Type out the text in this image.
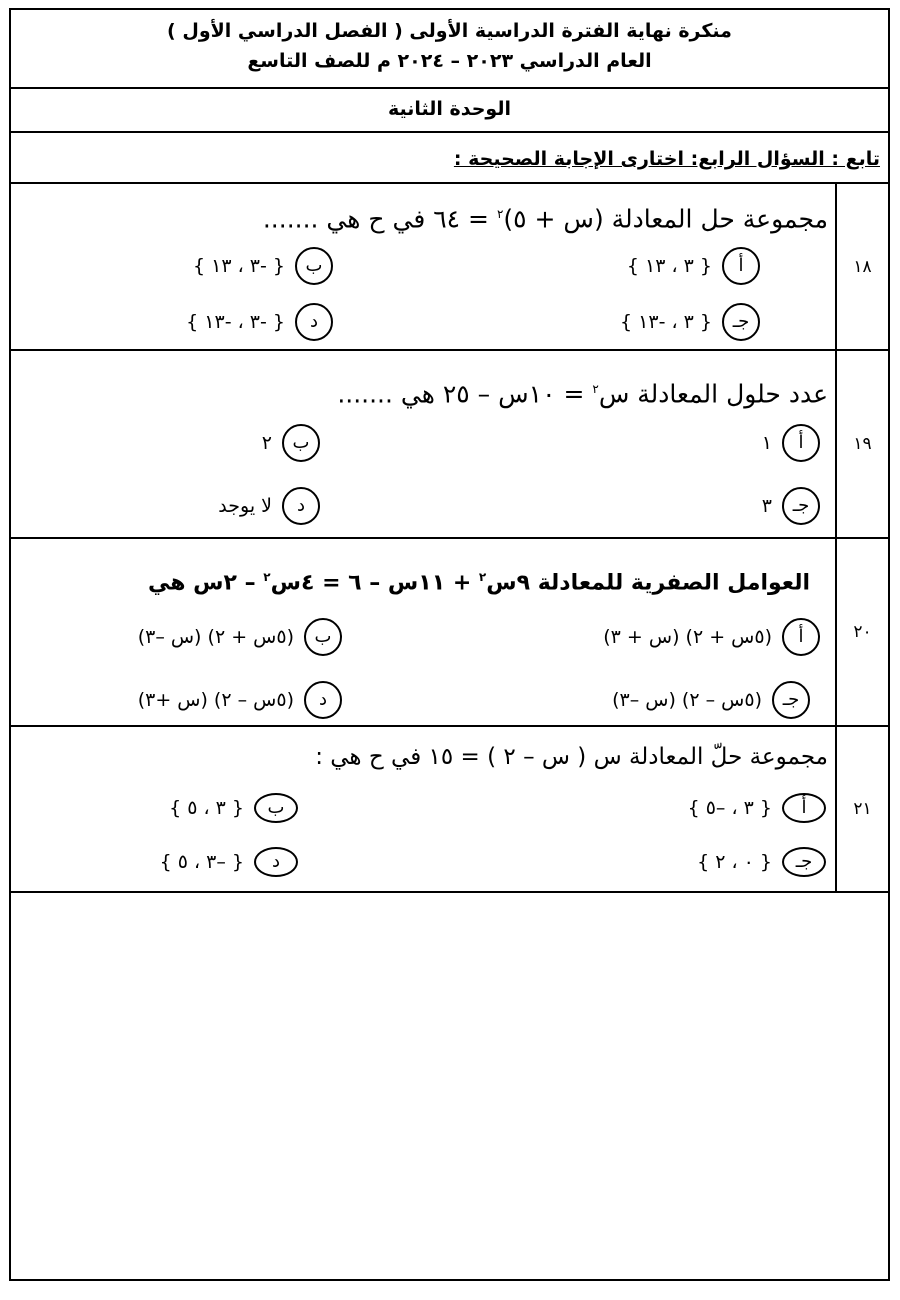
منكرة نهاية الفترة الدراسية الأولى ( الفصل الدراسي الأول )
العام الدراسي ٢٠٢٣ – ٢٠٢٤ م للصف التاسع
الوحدة الثانية
تابع : السؤال الرابع: اختارى الإجابة الصحيحة :
١٨
مجموعة حل المعادلة (س + ٥)$^٢$ = ٦٤ في ح هي .......
أ
{ ٣ ، ١٣ }
ب
{ -٣ ، ١٣ }
جـ
{ ٣ ، -١٣ }
د
{ -٣ ، -١٣ }
١٩
عدد حلول المعادلة س$^٢$ = ١٠س – ٢٥ هي .......
أ
١
ب
٢
جـ
٣
د
لا يوجد
٢٠
العوامل الصفرية للمعادلة ٩س$^٢$ + ١١س – ٦ = ٤س$^٢$ – ٢س هي
أ
(٥س + ٢) (س + ٣)
ب
(٥س + ٢) (س –٣)
جـ
(٥س – ٢) (س –٣)
د
(٥س – ٢) (س +٣)
٢١
مجموعة حلّ المعادلة س ( س – ٢ ) = ١٥ في ح هي :
أ
{ ٣ ، –٥ }
ب
{ ٣ ، ٥ }
جـ
{ ٠ ، ٢ }
د
{ –٣ ، ٥ }
